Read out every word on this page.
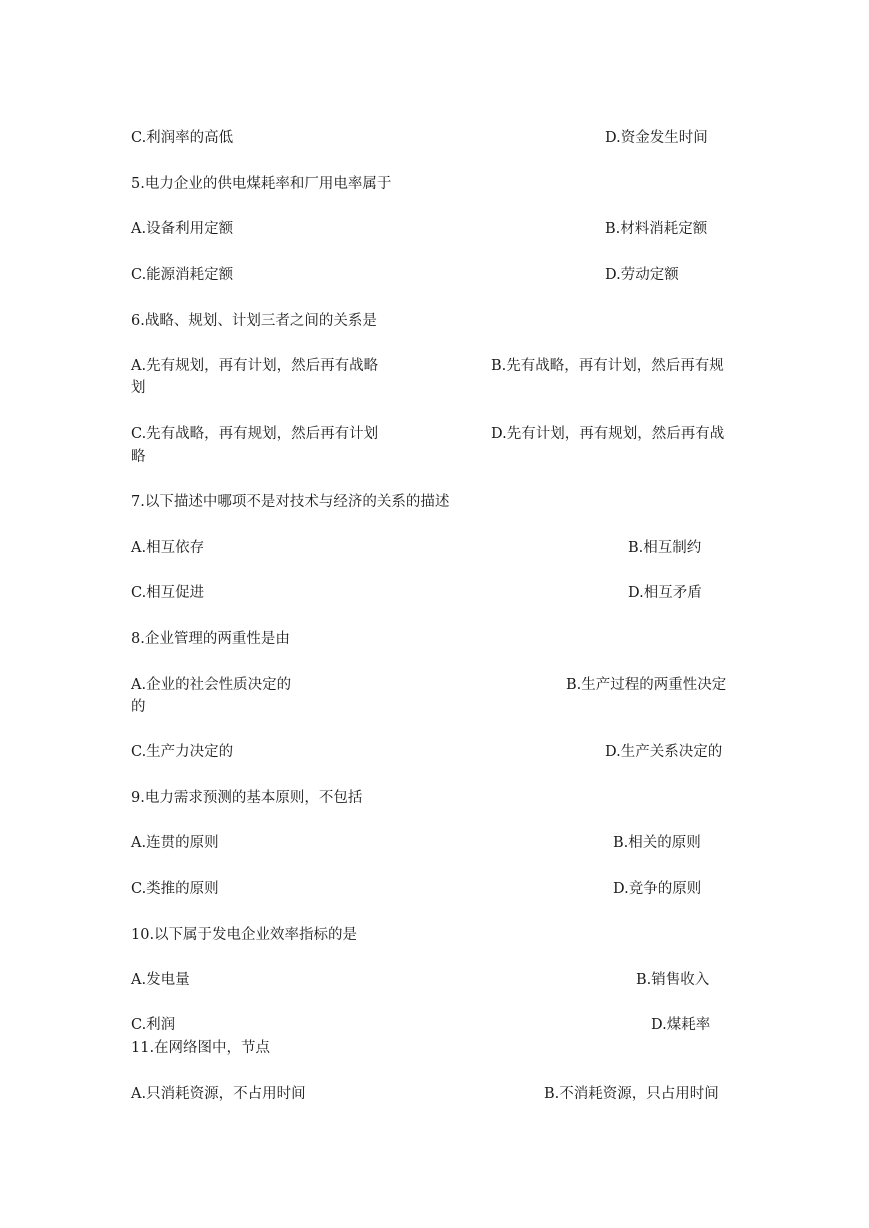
C.利润率的高低	D.资金发生时间
5.电力企业的供电煤耗率和厂用电率属于
A.设备利用定额	B.材料消耗定额
C.能源消耗定额	D.劳动定额
6.战略、规划、计划三者之间的关系是
A.先有规划，再有计划，然后再有战略	B.先有战略，再有计划，然后再有规
划
C.先有战略，再有规划，然后再有计划	D.先有计划，再有规划，然后再有战
略
7.以下描述中哪项不是对技术与经济的关系的描述
A.相互依存	B.相互制约
C.相互促进	D.相互矛盾
8.企业管理的两重性是由
A.企业的社会性质决定的	B.生产过程的两重性决定
的
C.生产力决定的	D.生产关系决定的
9.电力需求预测的基本原则，不包括
A.连贯的原则	B.相关的原则
C.类推的原则	D.竞争的原则
10.以下属于发电企业效率指标的是
A.发电量	B.销售收入
C.利润	D.煤耗率
11.在网络图中，节点
A.只消耗资源，不占用时间	B.不消耗资源，只占用时间
